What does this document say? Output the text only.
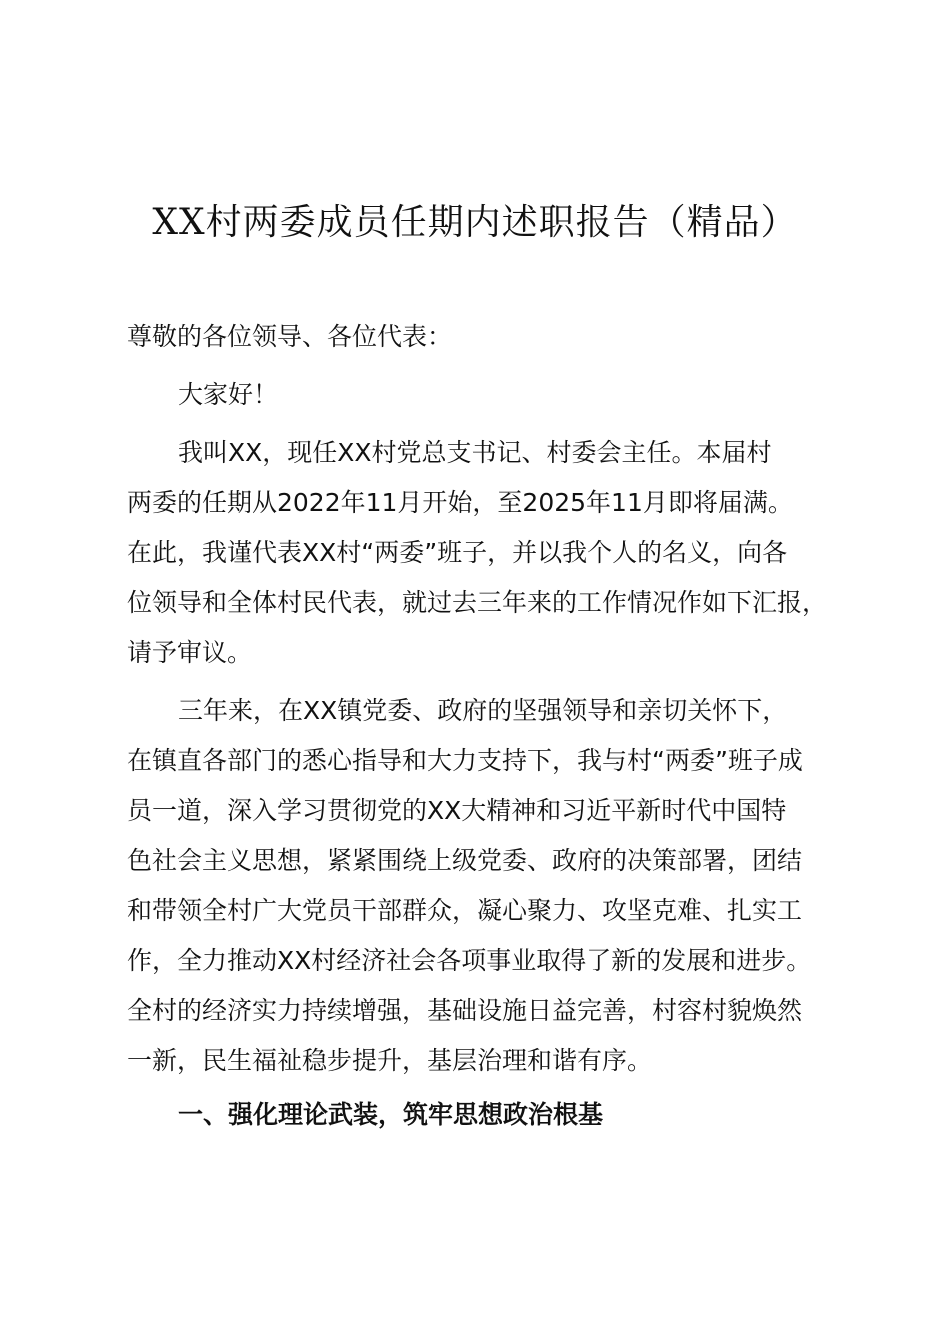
XX村两委成员任期内述职报告（精品）
尊敬的各位领导、各位代表：
大家好！
我叫XX，现任XX村党总支书记、村委会主任。本届村
两委的任期从2022年11月开始，至2025年11月即将届满。
在此，我谨代表XX村“两委”班子，并以我个人的名义，向各
位领导和全体村民代表，就过去三年来的工作情况作如下汇报，
请予审议。
三年来，在XX镇党委、政府的坚强领导和亲切关怀下，
在镇直各部门的悉心指导和大力支持下，我与村“两委”班子成
员一道，深入学习贯彻党的XX大精神和习近平新时代中国特
色社会主义思想，紧紧围绕上级党委、政府的决策部署，团结
和带领全村广大党员干部群众，凝心聚力、攻坚克难、扎实工
作，全力推动XX村经济社会各项事业取得了新的发展和进步。
全村的经济实力持续增强，基础设施日益完善，村容村貌焕然
一新，民生福祉稳步提升，基层治理和谐有序。
一、强化理论武装，筑牢思想政治根基
